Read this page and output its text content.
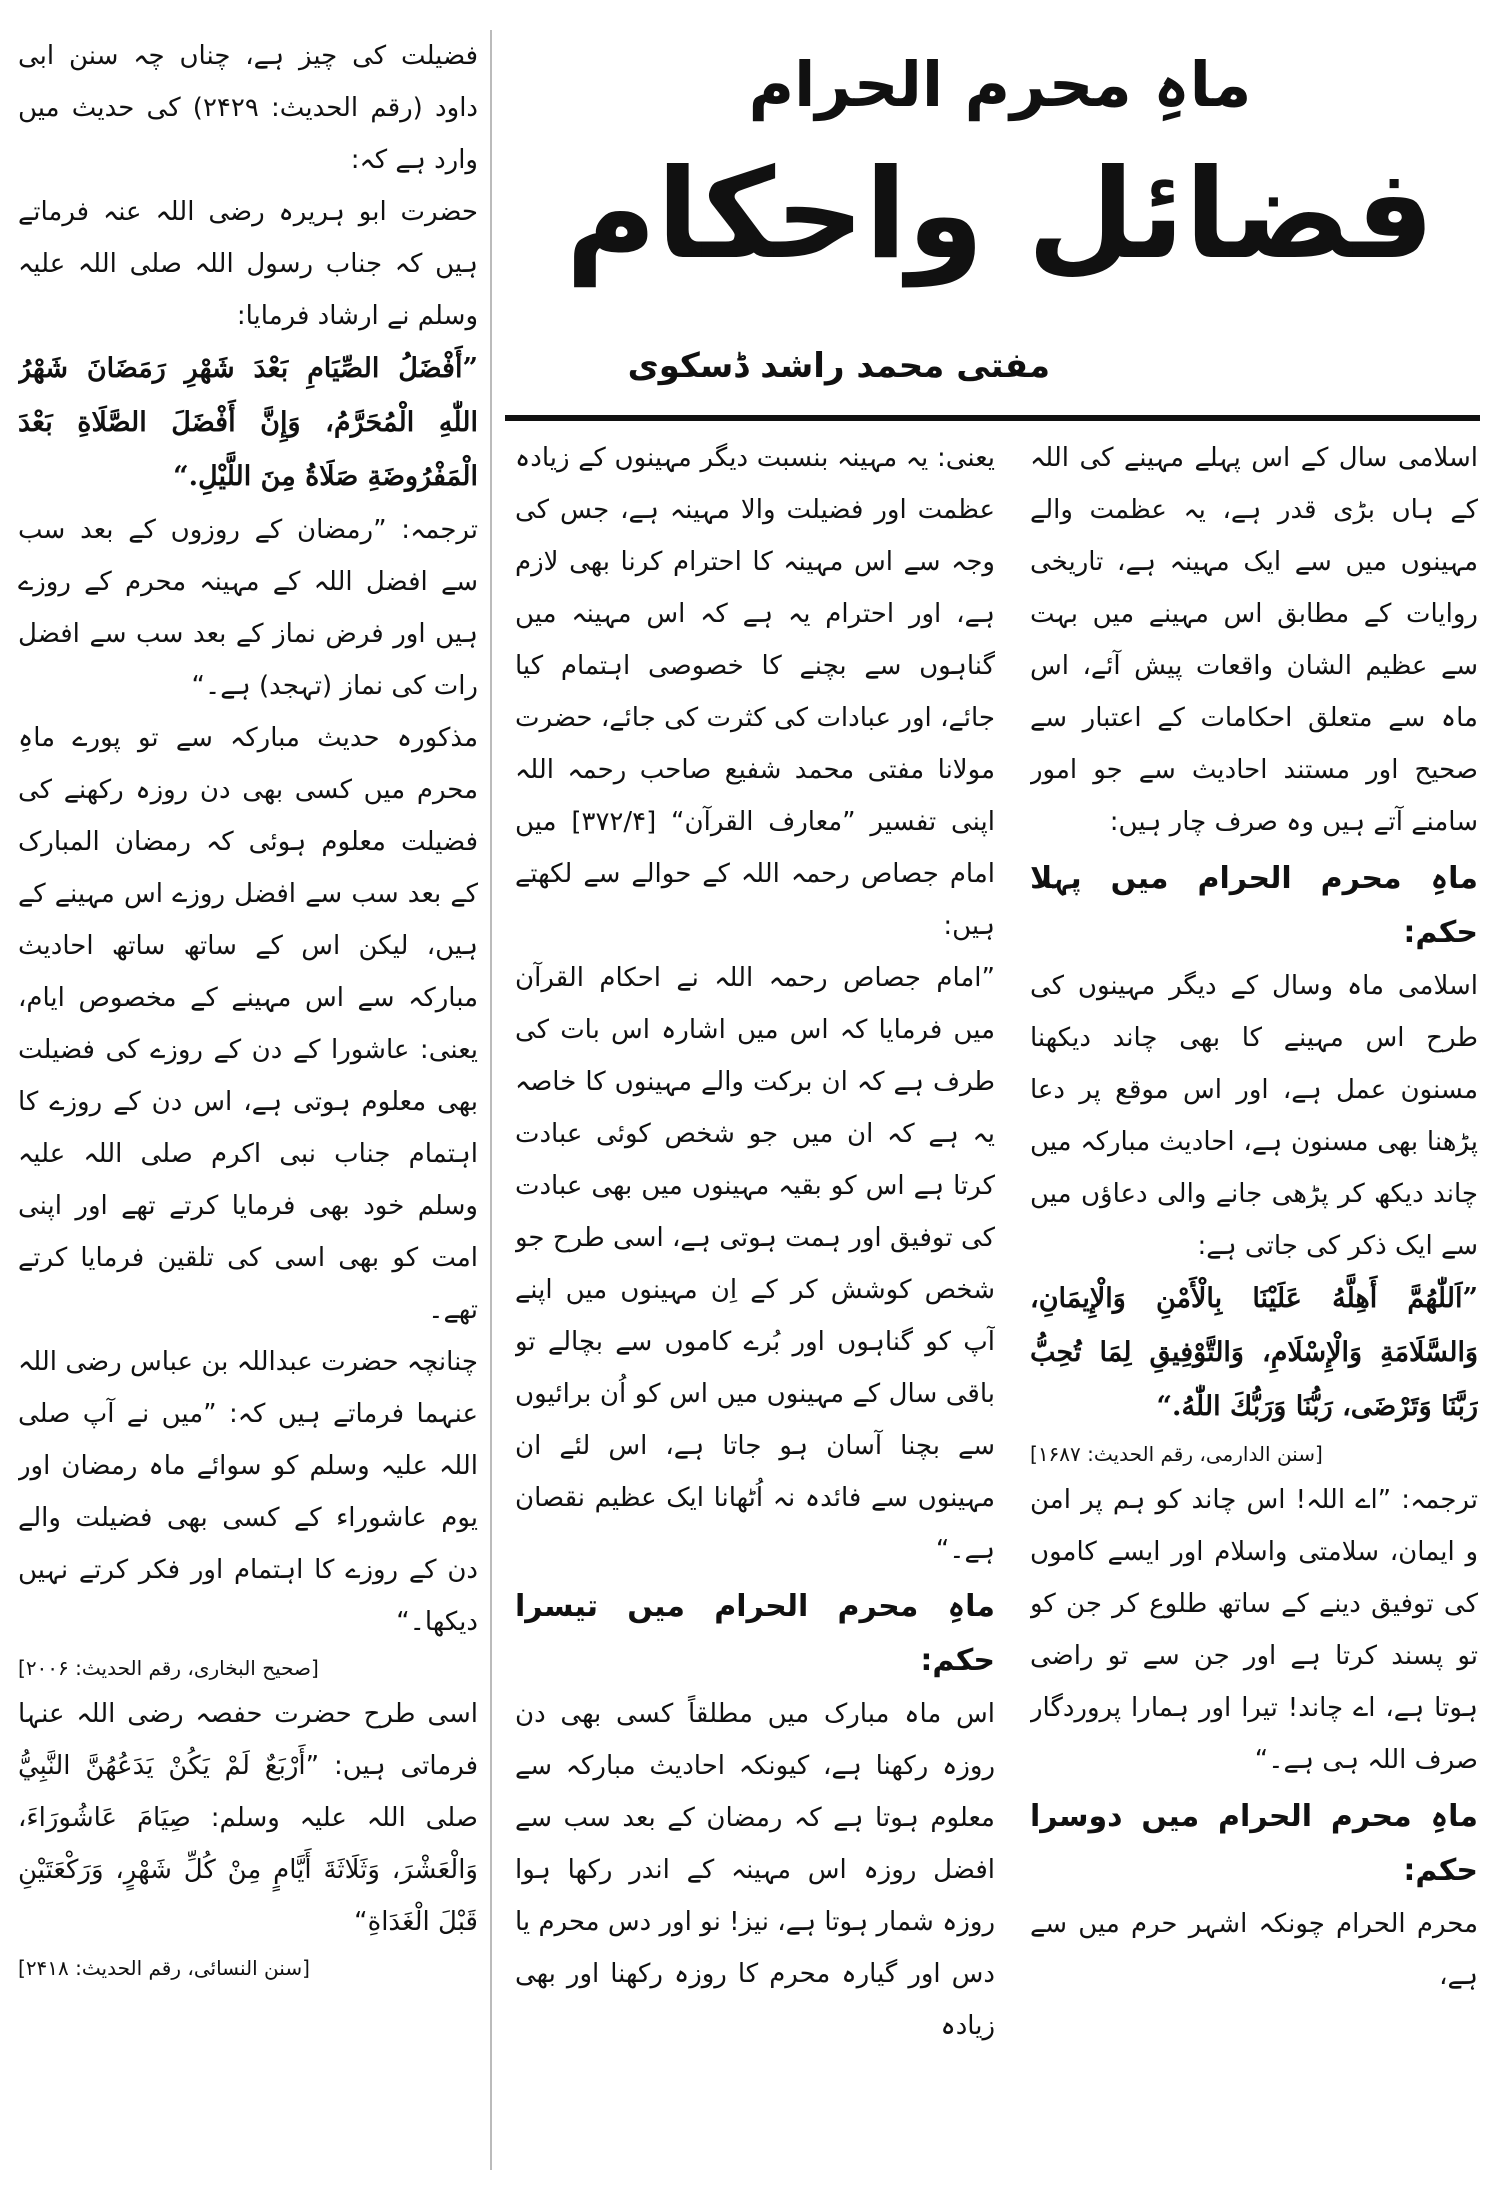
ماہِ محرم الحرام
فضائل واحکام
مفتی محمد راشد ڈسکوی

اسلامی سال کے اس پہلے مہینے کی اللہ کے ہاں بڑی قدر ہے، یہ عظمت والے مہینوں میں سے ایک مہینہ ہے، تاریخی روایات کے مطابق اس مہینے میں بہت سے عظیم الشان واقعات پیش آئے، اس ماہ سے متعلق احکامات کے اعتبار سے صحیح اور مستند احادیث سے جو امور سامنے آتے ہیں وہ صرف چار ہیں:

ماہِ محرم الحرام میں پہلا حکم:

اسلامی ماہ وسال کے دیگر مہینوں کی طرح اس مہینے کا بھی چاند دیکھنا مسنون عمل ہے، اور اس موقع پر دعا پڑھنا بھی مسنون ہے، احادیث مبارکہ میں چاند دیکھ کر پڑھی جانے والی دعاؤں میں سے ایک ذکر کی جاتی ہے:

”اَللّٰهُمَّ أَهِلَّهُ عَلَيْنَا بِالْأَمْنِ وَالْإِيمَانِ، وَالسَّلَامَةِ وَالْإِسْلَامِ، وَالتَّوْفِيقِ لِمَا تُحِبُّ رَبَّنَا وَتَرْضَى، رَبُّنَا وَرَبُّكَ اللّٰهُ.“

[سنن الدارمی، رقم الحدیث: ۱۶۸۷]

ترجمہ: ”اے اللہ! اس چاند کو ہم پر امن و ایمان، سلامتی واسلام اور ایسے کاموں کی توفیق دینے کے ساتھ طلوع کر جن کو تو پسند کرتا ہے اور جن سے تو راضی ہوتا ہے، اے چاند! تیرا اور ہمارا پروردگار صرف اللہ ہی ہے۔“

ماہِ محرم الحرام میں دوسرا حکم:

محرم الحرام چونکہ اشہر حرم میں سے ہے،

یعنی: یہ مہینہ بنسبت دیگر مہینوں کے زیادہ عظمت اور فضیلت والا مہینہ ہے، جس کی وجہ سے اس مہینہ کا احترام کرنا بھی لازم ہے، اور احترام یہ ہے کہ اس مہینہ میں گناہوں سے بچنے کا خصوصی اہتمام کیا جائے، اور عبادات کی کثرت کی جائے، حضرت مولانا مفتی محمد شفیع صاحب رحمہ اللہ اپنی تفسیر ”معارف القرآن“ [۳۷۲/۴] میں امام جصاص رحمہ اللہ کے حوالے سے لکھتے ہیں:

”امام جصاص رحمہ اللہ نے احکام القرآن میں فرمایا کہ اس میں اشارہ اس بات کی طرف ہے کہ ان برکت والے مہینوں کا خاصہ یہ ہے کہ ان میں جو شخص کوئی عبادت کرتا ہے اس کو بقیہ مہینوں میں بھی عبادت کی توفیق اور ہمت ہوتی ہے، اسی طرح جو شخص کوشش کر کے اِن مہینوں میں اپنے آپ کو گناہوں اور بُرے کاموں سے بچالے تو باقی سال کے مہینوں میں اس کو اُن برائیوں سے بچنا آسان ہو جاتا ہے، اس لئے ان مہینوں سے فائدہ نہ اُٹھانا ایک عظیم نقصان ہے۔“

ماہِ محرم الحرام میں تیسرا حکم:

اس ماہ مبارک میں مطلقاً کسی بھی دن روزہ رکھنا ہے، کیونکہ احادیث مبارکہ سے معلوم ہوتا ہے کہ رمضان کے بعد سب سے افضل روزہ اس مہینہ کے اندر رکھا ہوا روزہ شمار ہوتا ہے، نیز! نو اور دس محرم یا دس اور گیارہ محرم کا روزہ رکھنا اور بھی زیادہ

فضیلت کی چیز ہے، چناں چہ سنن ابی داود (رقم الحدیث: ۲۴۲۹) کی حدیث میں وارد ہے کہ:

حضرت ابو ہریرہ رضی اللہ عنہ فرماتے ہیں کہ جناب رسول اللہ صلی اللہ علیہ وسلم نے ارشاد فرمایا:

”أَفْضَلُ الصِّيَامِ بَعْدَ شَهْرِ رَمَضَانَ شَهْرُ اللّٰهِ الْمُحَرَّمُ، وَإِنَّ أَفْضَلَ الصَّلَاةِ بَعْدَ الْمَفْرُوضَةِ صَلَاةُ مِنَ اللَّيْلِ.“

ترجمہ: ”رمضان کے روزوں کے بعد سب سے افضل اللہ کے مہینہ محرم کے روزے ہیں اور فرض نماز کے بعد سب سے افضل رات کی نماز (تہجد) ہے۔“

مذکورہ حدیث مبارکہ سے تو پورے ماہِ محرم میں کسی بھی دن روزہ رکھنے کی فضیلت معلوم ہوئی کہ رمضان المبارک کے بعد سب سے افضل روزے اس مہینے کے ہیں، لیکن اس کے ساتھ ساتھ احادیث مبارکہ سے اس مہینے کے مخصوص ایام، یعنی: عاشورا کے دن کے روزے کی فضیلت بھی معلوم ہوتی ہے، اس دن کے روزے کا اہتمام جناب نبی اکرم صلی اللہ علیہ وسلم خود بھی فرمایا کرتے تھے اور اپنی امت کو بھی اسی کی تلقین فرمایا کرتے تھے۔

چنانچہ حضرت عبداللہ بن عباس رضی اللہ عنہما فرماتے ہیں کہ: ”میں نے آپ صلی اللہ علیہ وسلم کو سوائے ماہ رمضان اور یوم عاشوراء کے کسی بھی فضیلت والے دن کے روزے کا اہتمام اور فکر کرتے نہیں دیکھا۔“

[صحیح البخاری، رقم الحدیث: ۲۰۰۶]

اسی طرح حضرت حفصہ رضی اللہ عنہا فرماتی ہیں: ”أَرْبَعٌ لَمْ يَكُنْ يَدَعُهُنَّ النَّبِيُّ صلی اللہ علیہ وسلم: صِيَامَ عَاشُورَاءَ، وَالْعَشْرَ، وَثَلَاثَةَ أَيَّامٍ مِنْ كُلِّ شَهْرٍ، وَرَكْعَتَيْنِ قَبْلَ الْغَدَاةِ“

[سنن النسائی، رقم الحدیث: ۲۴۱۸]
